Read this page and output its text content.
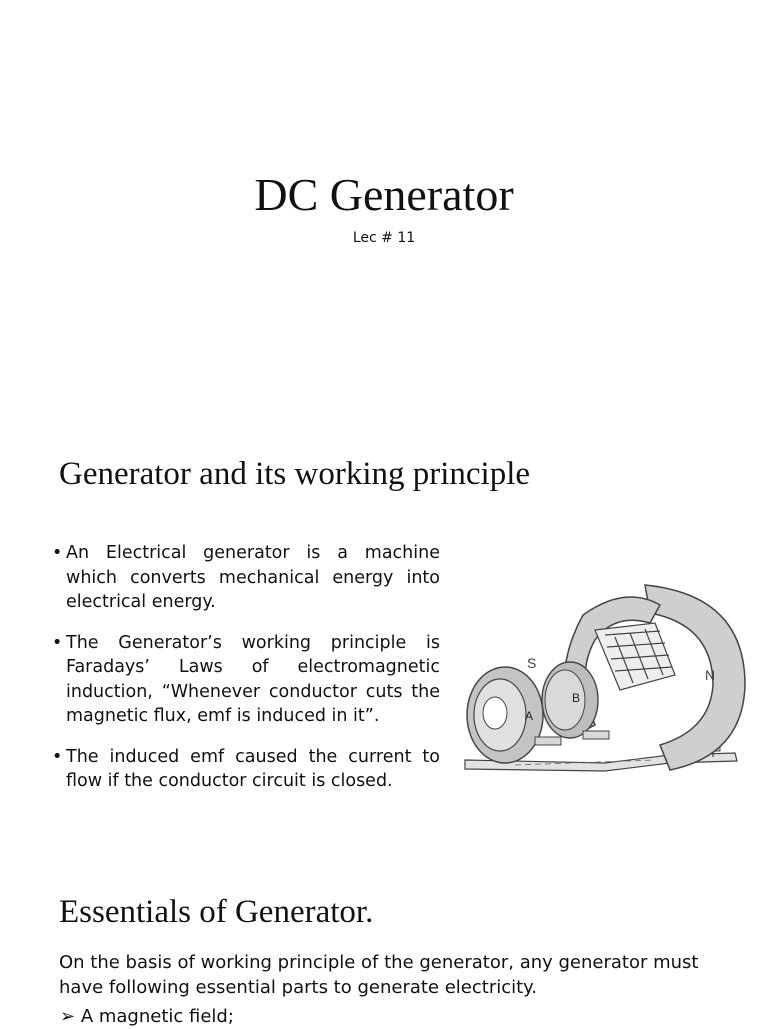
DC Generator
Lec # 11
Generator and its working principle
• An Electrical generator is a machine which converts mechanical energy into electrical energy.
• The Generator’s working principle is Faradays’ Laws of electromagnetic induction, “Whenever conductor cuts the magnetic flux, emf is induced in it”.
• The induced emf caused the current to flow if the conductor circuit is closed.
S
N
A
B
Essentials of Generator.
On the basis of working principle of the generator, any generator must have following essential parts to generate electricity.
➢ A magnetic field;
